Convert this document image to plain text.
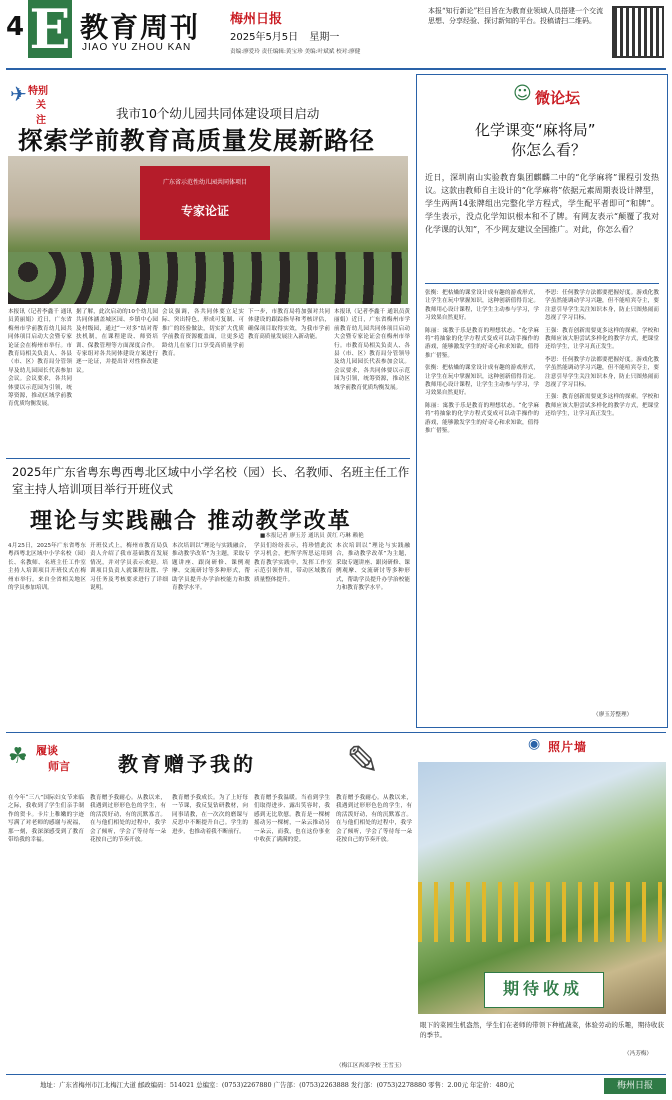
4 E 教育周刊
JIAO YU ZHOU KAN
梅州日报
2025年5月5日 星期一
责编:廖爱玲 责任编辑:黄宝珍 美编:叶斌斌 校对:廖健
本报“知行新论”栏目旨在为教育业领域人员搭建一个交流思想、分享经验、探讨新知的平台。投稿请扫二维码。
✈ 特别
关注	我市10个幼儿园共同体建设项目启动
探索学前教育高质量发展新路径
广东省示范性幼儿园共同体项目
专家论证
本报讯（记者李鑫千 通讯员黄丽娟）近日，广东省梅州市学前教育幼儿园共同体项目启动大会暨专家论证会在梅州市举行。市教育局相关负责人、各县（市、区）教育局分管领导及幼儿园园长代表参加会议。会议要求，各共同体要以示范园为引领，统筹资源，推动区域学前教育优质均衡发展。
据了解，此次启动的10个幼儿园共同体涵盖城区园、乡镇中心园及村级园，通过“一对多”结对帮扶机制，在课程建设、师资培训、保教管理等方面深度合作。专家组对各共同体建设方案进行逐一论证，并提出针对性修改建议。
会议强调，各共同体要立足实际、突出特色，形成可复制、可推广的经验做法，切实扩大优质学前教育资源覆盖面，让更多适龄幼儿在家门口享受高质量学前教育。
下一步，市教育局将加强对共同体建设的跟踪指导和考核评估，确保项目取得实效，为我市学前教育高质量发展注入新动能。
本报讯（记者李鑫千 通讯员黄丽娟）近日，广东省梅州市学前教育幼儿园共同体项目启动大会暨专家论证会在梅州市举行。市教育局相关负责人、各县（市、区）教育局分管领导及幼儿园园长代表参加会议。会议要求，各共同体要以示范园为引领，统筹资源，推动区域学前教育优质均衡发展。
2025年广东省粤东粤西粤北区域中小学名校（园）长、名教师、名班主任工作室主持人培训项目举行开班仪式
理论与实践融合 推动教学改革
■本报记者 廖玉芳 通讯员 黄红 巧琳 赖艳
4月25日，2025年广东省粤东粤西粤北区域中小学名校（园）长、名教师、名班主任工作室主持人培训项目开班仪式在梅州市举行。来自全省相关地区的学员参加培训。
开班仪式上，梅州市教育局负责人介绍了我市基础教育发展情况，并对学员表示欢迎。培训项目负责人就课程设置、学习任务及考核要求进行了详细说明。
本次培训以“理论与实践融合，推动教学改革”为主题，采取专题讲座、跟岗研修、课例观摩、交流研讨等多种形式，帮助学员提升办学治校能力和教育教学水平。
学员们纷纷表示，将珍惜此次学习机会，把所学所思运用到教育教学实践中，发挥工作室示范引领作用，带动区域教育质量整体提升。
本次培训以“理论与实践融合，推动教学改革”为主题，采取专题讲座、跟岗研修、课例观摩、交流研讨等多种形式，帮助学员提升办学治校能力和教育教学水平。
☺ 微论坛
化学课变“麻将局”
你怎么看？
近日，深圳南山实验教育集团麒麟二中的“化学麻将”课程引发热议。这款由教师自主设计的“化学麻将”依据元素周期表设计牌型，学生两两14张牌组出完整化学方程式，学生配平者即可“和牌”。学生表示，没点化学知识根本和不了牌。有网友表示“颠覆了我对化学课的认知”，不少网友建议全国推广。对此，你怎么看？

张衡：把枯燥的课堂设计成有趣的游戏形式，让学生在玩中掌握知识，这种创新值得肯定。教师用心设计课程，让学生主动参与学习，学习效果自然更好。

陈丽：寓教于乐是教育的理想状态。“化学麻将”将抽象的化学方程式变成可以动手操作的游戏，能够激发学生的好奇心和求知欲，值得推广借鉴。

张衡：把枯燥的课堂设计成有趣的游戏形式，让学生在玩中掌握知识，这种创新值得肯定。教师用心设计课程，让学生主动参与学习，学习效果自然更好。

陈丽：寓教于乐是教育的理想状态。“化学麻将”将抽象的化学方程式变成可以动手操作的游戏，能够激发学生的好奇心和求知欲，值得推广借鉴。

李思：任何教学方法都要把握好度。游戏化教学虽然能调动学习兴趣，但不能喧宾夺主，要注意引导学生关注知识本身，防止只图热闹而忽视了学习目标。

王强：教育创新需要更多这样的探索。学校和教师应该大胆尝试多样化的教学方式，把课堂还给学生，让学习真正发生。

李思：任何教学方法都要把握好度。游戏化教学虽然能调动学习兴趣，但不能喧宾夺主，要注意引导学生关注知识本身，防止只图热闹而忽视了学习目标。

王强：教育创新需要更多这样的探索。学校和教师应该大胆尝试多样化的教学方式，把课堂还给学生，让学习真正发生。

（廖玉芳整理）
☘ 履谈
师言 教育赠予我的 ✎
在今年“三八”国际妇女节来临之际，我收到了学生们亲手制作的贺卡。卡片上稚嫩的字迹写满了对老师的感谢与祝福，那一刻，我深深感受到了教育带给我的幸福。
教育赠予我耐心。从教以来，我遇到过形形色色的学生，有的活泼好动，有的沉默寡言。在与他们相处的过程中，我学会了倾听，学会了等待每一朵花按自己的节奏开放。
教育赠予我成长。为了上好每一节课，我反复钻研教材，向同事请教，在一次次的磨课与反思中不断提升自己。学生的进步，也推动着我不断前行。
教育赠予我温暖。当看到学生们取得进步、露出笑容时，我感到无比欣慰。教育是一棵树摇动另一棵树，一朵云推动另一朵云，而我，也在这份事业中收获了满满的爱。
教育赠予我耐心。从教以来，我遇到过形形色色的学生，有的活泼好动，有的沉默寡言。在与他们相处的过程中，我学会了倾听，学会了等待每一朵花按自己的节奏开放。
（梅江区西郊学校 王雪玉）
◉ 照片墙
期待收成
眼下的菜园生机盎然，学生们在老师的带领下种植蔬菜，体验劳动的乐趣，期待收获的季节。
（冯芳梅）
地址：广东省梅州市江北梅江大道 邮政编码：514021 总编室：(0753)2267880 广告部：(0753)2263888 发行部：(0753)2278880 零售：2.00元 年定价：480元	梅州日报
